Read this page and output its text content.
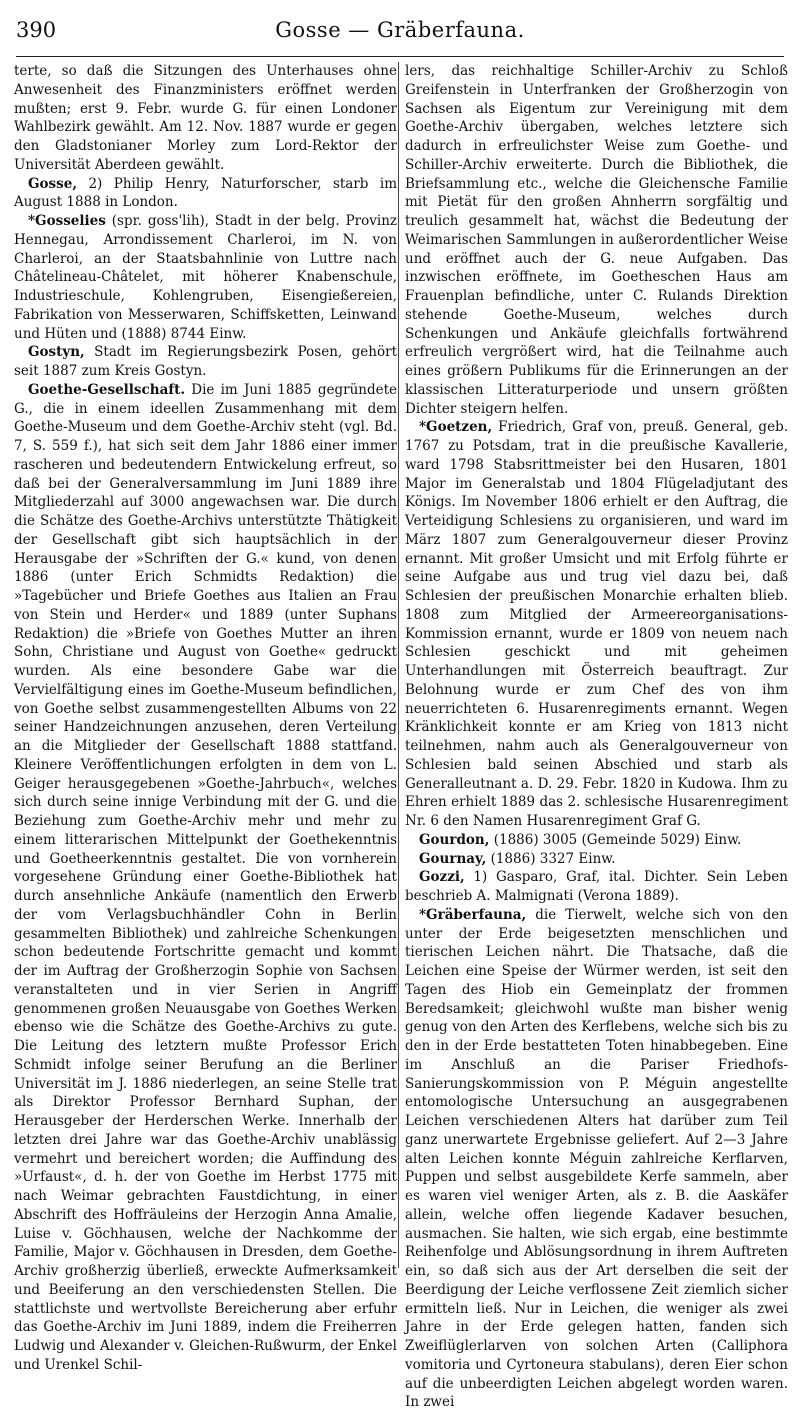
390	Gosse — Gräberfauna.

terte, so daß die Sitzungen des Unterhauses ohne Anwesenheit des Finanzministers eröffnet werden mußten; erst 9. Febr. wurde G. für einen Londoner Wahlbezirk gewählt. Am 12. Nov. 1887 wurde er gegen den Gladstonianer Morley zum Lord-Rektor der Universität Aberdeen gewählt.

Gosse, 2) Philip Henry, Naturforscher, starb im August 1888 in London.

*Gosselies (spr. goss'lih), Stadt in der belg. Provinz Hennegau, Arrondissement Charleroi, im N. von Charleroi, an der Staatsbahnlinie von Luttre nach Châtelineau-Châtelet, mit höherer Knabenschule, Industrieschule, Kohlengruben, Eisengießereien, Fabrikation von Messerwaren, Schiffsketten, Leinwand und Hüten und (1888) 8744 Einw.

Gostyn, Stadt im Regierungsbezirk Posen, gehört seit 1887 zum Kreis Gostyn.

Goethe-Gesellschaft. Die im Juni 1885 gegründete G., die in einem ideellen Zusammenhang mit dem Goethe-Museum und dem Goethe-Archiv steht (vgl. Bd. 7, S. 559 f.), hat sich seit dem Jahr 1886 einer immer rascheren und bedeutendern Entwickelung erfreut, so daß bei der Generalversammlung im Juni 1889 ihre Mitgliederzahl auf 3000 angewachsen war. Die durch die Schätze des Goethe-Archivs unterstützte Thätigkeit der Gesellschaft gibt sich hauptsächlich in der Herausgabe der »Schriften der G.« kund, von denen 1886 (unter Erich Schmidts Redaktion) die »Tagebücher und Briefe Goethes aus Italien an Frau von Stein und Herder« und 1889 (unter Suphans Redaktion) die »Briefe von Goethes Mutter an ihren Sohn, Christiane und August von Goethe« gedruckt wurden. Als eine besondere Gabe war die Vervielfältigung eines im Goethe-Museum befindlichen, von Goethe selbst zusammengestellten Albums von 22 seiner Handzeichnungen anzusehen, deren Verteilung an die Mitglieder der Gesellschaft 1888 stattfand. Kleinere Veröffentlichungen erfolgten in dem von L. Geiger herausgegebenen »Goethe-Jahrbuch«, welches sich durch seine innige Verbindung mit der G. und die Beziehung zum Goethe-Archiv mehr und mehr zu einem litterarischen Mittelpunkt der Goethekenntnis und Goetheerkenntnis gestaltet. Die von vornherein vorgesehene Gründung einer Goethe-Bibliothek hat durch ansehnliche Ankäufe (namentlich den Erwerb der vom Verlagsbuchhändler Cohn in Berlin gesammelten Bibliothek) und zahlreiche Schenkungen schon bedeutende Fortschritte gemacht und kommt der im Auftrag der Großherzogin Sophie von Sachsen veranstalteten und in vier Serien in Angriff genommenen großen Neuausgabe von Goethes Werken ebenso wie die Schätze des Goethe-Archivs zu gute. Die Leitung des letztern mußte Professor Erich Schmidt infolge seiner Berufung an die Berliner Universität im J. 1886 niederlegen, an seine Stelle trat als Direktor Professor Bernhard Suphan, der Herausgeber der Herderschen Werke. Innerhalb der letzten drei Jahre war das Goethe-Archiv unablässig vermehrt und bereichert worden; die Auffindung des »Urfaust«, d. h. der von Goethe im Herbst 1775 mit nach Weimar gebrachten Faustdichtung, in einer Abschrift des Hoffräuleins der Herzogin Anna Amalie, Luise v. Göchhausen, welche der Nachkomme der Familie, Major v. Göchhausen in Dresden, dem Goethe-Archiv großherzig überließ, erweckte Aufmerksamkeit und Beeiferung an den verschiedensten Stellen. Die stattlichste und wertvollste Bereicherung aber erfuhr das Goethe-Archiv im Juni 1889, indem die Freiherren Ludwig und Alexander v. Gleichen-Rußwurm, der Enkel und Urenkel Schil-

lers, das reichhaltige Schiller-Archiv zu Schloß Greifenstein in Unterfranken der Großherzogin von Sachsen als Eigentum zur Vereinigung mit dem Goethe-Archiv übergaben, welches letztere sich dadurch in erfreulichster Weise zum Goethe- und Schiller-Archiv erweiterte. Durch die Bibliothek, die Briefsammlung etc., welche die Gleichensche Familie mit Pietät für den großen Ahnherrn sorgfältig und treulich gesammelt hat, wächst die Bedeutung der Weimarischen Sammlungen in außerordentlicher Weise und eröffnet auch der G. neue Aufgaben. Das inzwischen eröffnete, im Goetheschen Haus am Frauenplan befindliche, unter C. Rulands Direktion stehende Goethe-Museum, welches durch Schenkungen und Ankäufe gleichfalls fortwährend erfreulich vergrößert wird, hat die Teilnahme auch eines größern Publikums für die Erinnerungen an der klassischen Litteraturperiode und unsern größten Dichter steigern helfen.

*Goetzen, Friedrich, Graf von, preuß. General, geb. 1767 zu Potsdam, trat in die preußische Kavallerie, ward 1798 Stabsrittmeister bei den Husaren, 1801 Major im Generalstab und 1804 Flügeladjutant des Königs. Im November 1806 erhielt er den Auftrag, die Verteidigung Schlesiens zu organisieren, und ward im März 1807 zum Generalgouverneur dieser Provinz ernannt. Mit großer Umsicht und mit Erfolg führte er seine Aufgabe aus und trug viel dazu bei, daß Schlesien der preußischen Monarchie erhalten blieb. 1808 zum Mitglied der Armeereorganisations-Kommission ernannt, wurde er 1809 von neuem nach Schlesien geschickt und mit geheimen Unterhandlungen mit Österreich beauftragt. Zur Belohnung wurde er zum Chef des von ihm neuerrichteten 6. Husarenregiments ernannt. Wegen Kränklichkeit konnte er am Krieg von 1813 nicht teilnehmen, nahm auch als Generalgouverneur von Schlesien bald seinen Abschied und starb als Generalleutnant a. D. 29. Febr. 1820 in Kudowa. Ihm zu Ehren erhielt 1889 das 2. schlesische Husarenregiment Nr. 6 den Namen Husarenregiment Graf G.

Gourdon, (1886) 3005 (Gemeinde 5029) Einw.

Gournay, (1886) 3327 Einw.

Gozzi, 1) Gasparo, Graf, ital. Dichter. Sein Leben beschrieb A. Malmignati (Verona 1889).

*Gräberfauna, die Tierwelt, welche sich von den unter der Erde beigesetzten menschlichen und tierischen Leichen nährt. Die Thatsache, daß die Leichen eine Speise der Würmer werden, ist seit den Tagen des Hiob ein Gemeinplatz der frommen Beredsamkeit; gleichwohl wußte man bisher wenig genug von den Arten des Kerflebens, welche sich bis zu den in der Erde bestatteten Toten hinabbegeben. Eine im Anschluß an die Pariser Friedhofs-Sanierungskommission von P. Méguin angestellte entomologische Untersuchung an ausgegrabenen Leichen verschiedenen Alters hat darüber zum Teil ganz unerwartete Ergebnisse geliefert. Auf 2—3 Jahre alten Leichen konnte Méguin zahlreiche Kerflarven, Puppen und selbst ausgebildete Kerfe sammeln, aber es waren viel weniger Arten, als z. B. die Aaskäfer allein, welche offen liegende Kadaver besuchen, ausmachen. Sie halten, wie sich ergab, eine bestimmte Reihenfolge und Ablösungsordnung in ihrem Auftreten ein, so daß sich aus der Art derselben die seit der Beerdigung der Leiche verflossene Zeit ziemlich sicher ermitteln ließ. Nur in Leichen, die weniger als zwei Jahre in der Erde gelegen hatten, fanden sich Zweiflüglerlarven von solchen Arten (Calliphora vomitoria und Cyrtoneura stabulans), deren Eier schon auf die unbeerdigten Leichen abgelegt worden waren. In zwei
